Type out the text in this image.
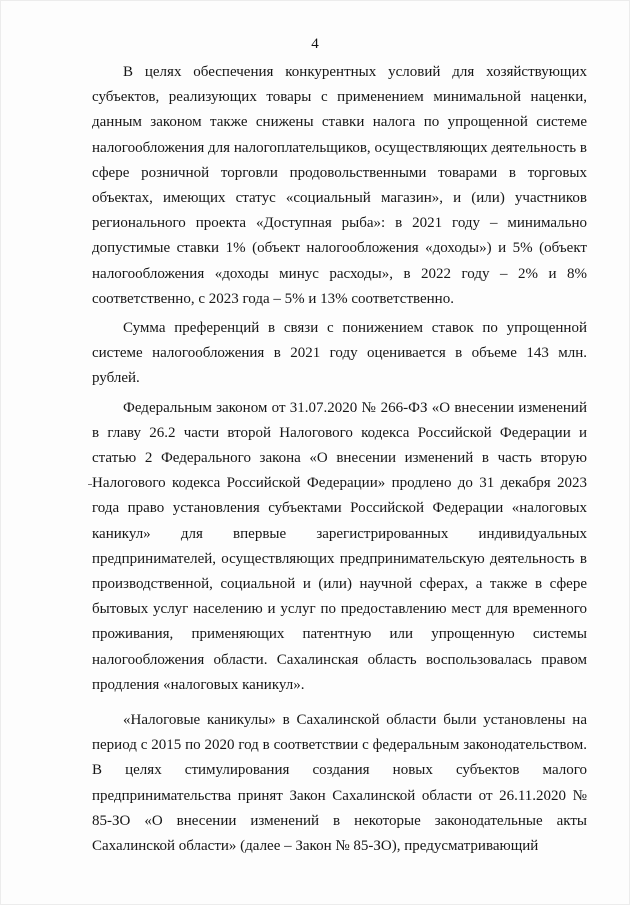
4

В целях обеспечения конкурентных условий для хозяйствующих субъектов, реализующих товары с применением минимальной наценки, данным законом также снижены ставки налога по упрощенной системе налогообложения для налогоплательщиков, осуществляющих деятельность в сфере розничной торговли продовольственными товарами в торговых объектах, имеющих статус «социальный магазин», и (или) участников регионального проекта «Доступная рыба»: в 2021 году – минимально допустимые ставки 1% (объект налогообложения «доходы») и 5% (объект налогообложения «доходы минус расходы», в 2022 году – 2% и 8% соответственно, с 2023 года – 5% и 13% соответственно.

Сумма преференций в связи с понижением ставок по упрощенной системе налогообложения в 2021 году оценивается в объеме 143 млн. рублей.

Федеральным законом от 31.07.2020 № 266-ФЗ «О внесении изменений в главу 26.2 части второй Налогового кодекса Российской Федерации и статью 2 Федерального закона «О внесении изменений в часть вторую Налогового кодекса Российской Федерации» продлено до 31 декабря 2023 года право установления субъектами Российской Федерации «налоговых каникул» для впервые зарегистрированных индивидуальных предпринимателей, осуществляющих предпринимательскую деятельность в производственной, социальной и (или) научной сферах, а также в сфере бытовых услуг населению и услуг по предоставлению мест для временного проживания, применяющих патентную или упрощенную системы налогообложения области. Сахалинская область воспользовалась правом продления «налоговых каникул».

«Налоговые каникулы» в Сахалинской области были установлены на период с 2015 по 2020 год в соответствии с федеральным законодательством. В целях стимулирования создания новых субъектов малого предпринимательства принят Закон Сахалинской области от 26.11.2020 № 85-ЗО «О внесении изменений в некоторые законодательные акты Сахалинской области» (далее – Закон № 85-ЗО), предусматривающий
